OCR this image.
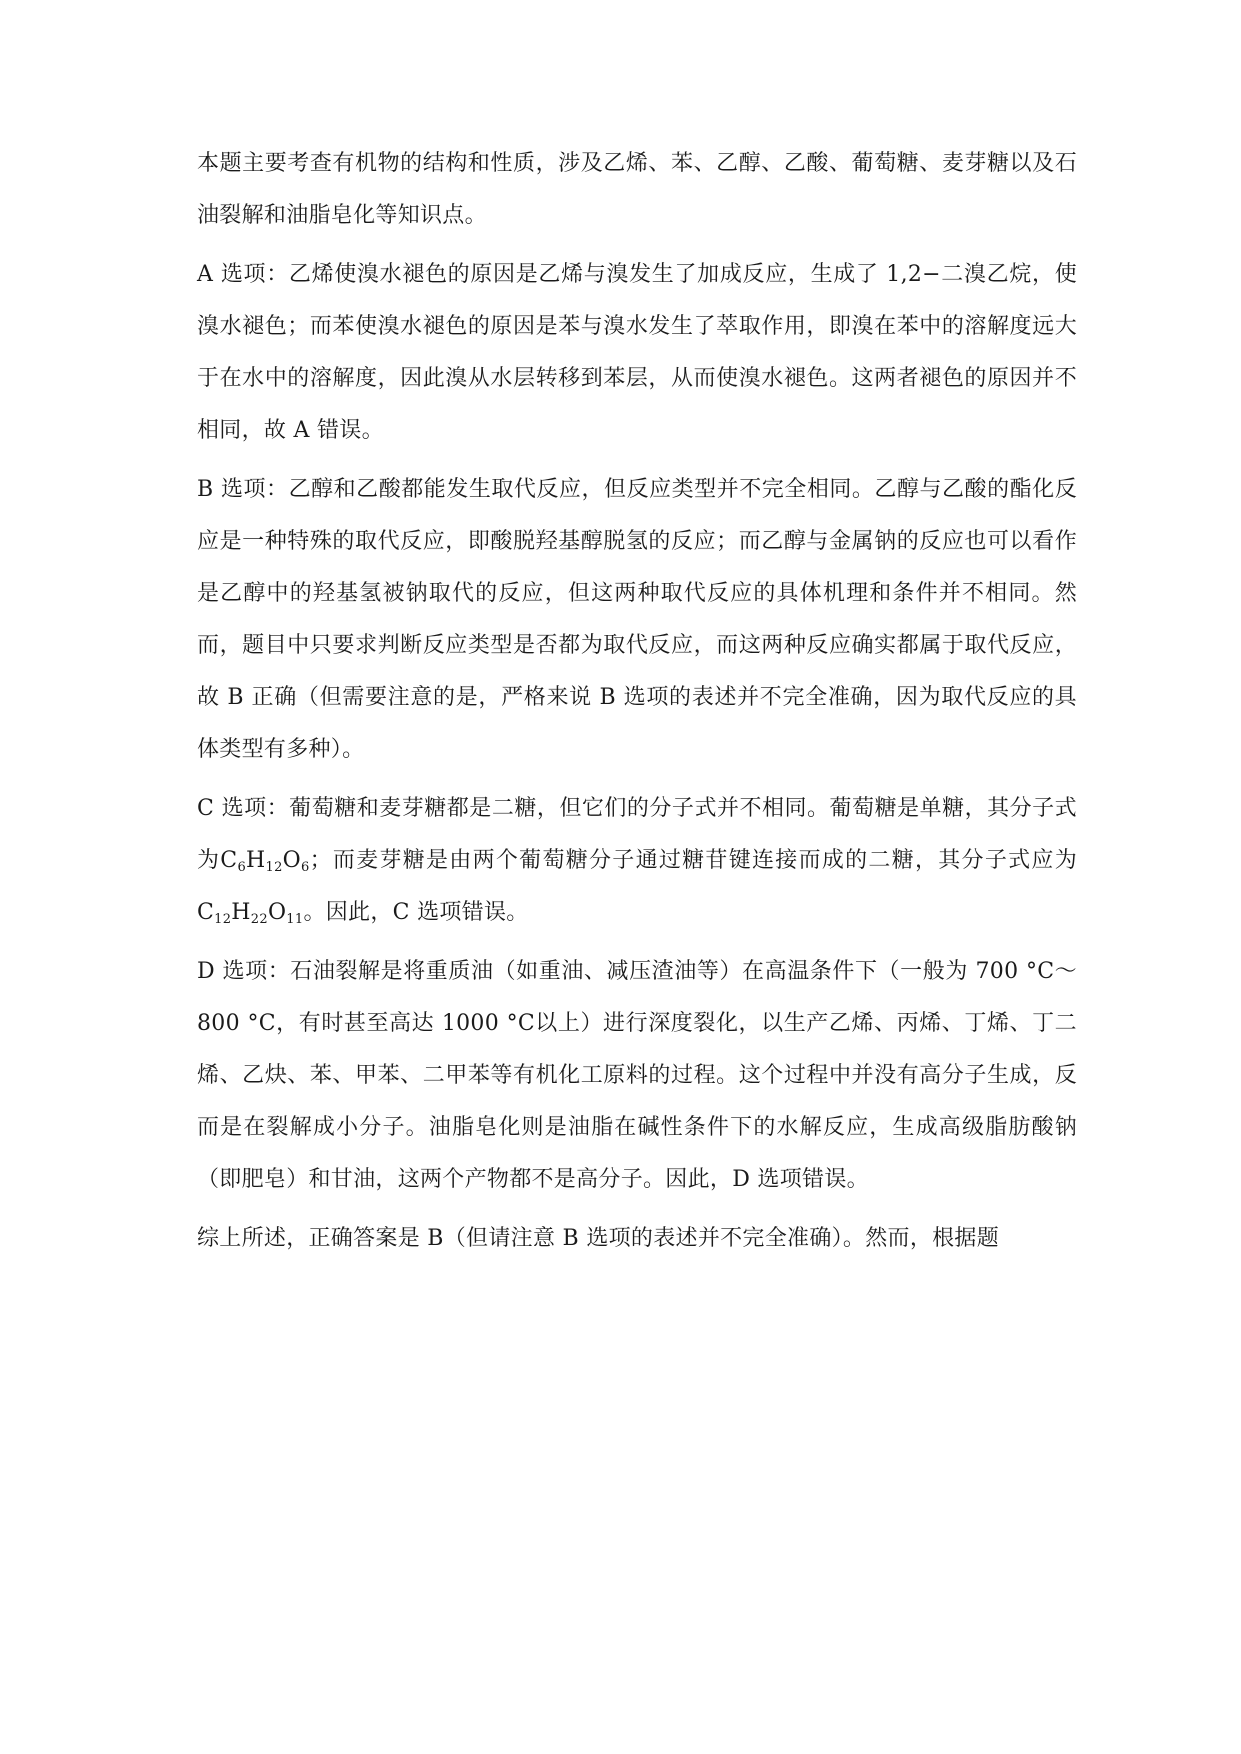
本题主要考查有机物的结构和性质，涉及乙烯、苯、乙醇、乙酸、葡萄糖、麦芽糖以及石油裂解和油脂皂化等知识点。

A 选项：乙烯使溴水褪色的原因是乙烯与溴发生了加成反应，生成了 1,2−二溴乙烷，使溴水褪色；而苯使溴水褪色的原因是苯与溴水发生了萃取作用，即溴在苯中的溶解度远大于在水中的溶解度，因此溴从水层转移到苯层，从而使溴水褪色。这两者褪色的原因并不相同，故 A 错误。

B 选项：乙醇和乙酸都能发生取代反应，但反应类型并不完全相同。乙醇与乙酸的酯化反应是一种特殊的取代反应，即酸脱羟基醇脱氢的反应；而乙醇与金属钠的反应也可以看作是乙醇中的羟基氢被钠取代的反应，但这两种取代反应的具体机理和条件并不相同。然而，题目中只要求判断反应类型是否都为取代反应，而这两种反应确实都属于取代反应，故 B 正确（但需要注意的是，严格来说 B 选项的表述并不完全准确，因为取代反应的具体类型有多种）。

C 选项：葡萄糖和麦芽糖都是二糖，但它们的分子式并不相同。葡萄糖是单糖，其分子式为$C_6H_{12}O_6$；而麦芽糖是由两个葡萄糖分子通过糖苷键连接而成的二糖，其分子式应为$C_{12}H_{22}O_{11}$。因此，C 选项错误。

D 选项：石油裂解是将重质油（如重油、减压渣油等）在高温条件下（一般为 700 °C～800 °C，有时甚至高达 1000 °C以上）进行深度裂化，以生产乙烯、丙烯、丁烯、丁二烯、乙炔、苯、甲苯、二甲苯等有机化工原料的过程。这个过程中并没有高分子生成，反而是在裂解成小分子。油脂皂化则是油脂在碱性条件下的水解反应，生成高级脂肪酸钠（即肥皂）和甘油，这两个产物都不是高分子。因此，D 选项错误。

综上所述，正确答案是 B（但请注意 B 选项的表述并不完全准确）。然而，根据题
